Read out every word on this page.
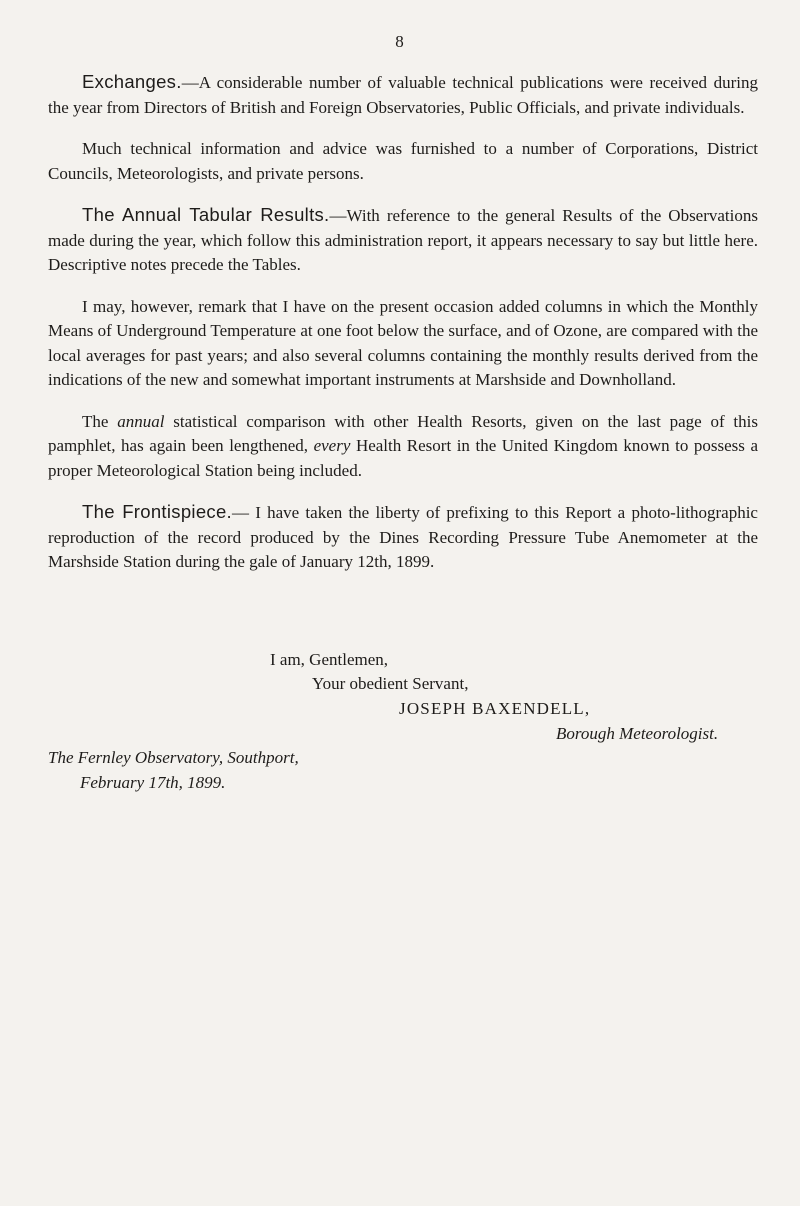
8

Exchanges.—A considerable number of valuable technical publications were received during the year from Directors of British and Foreign Observatories, Public Officials, and private individuals.

Much technical information and advice was furnished to a number of Corporations, District Councils, Meteorologists, and private persons.

The Annual Tabular Results.—With reference to the general Results of the Observations made during the year, which follow this administration report, it appears necessary to say but little here. Descriptive notes precede the Tables.

I may, however, remark that I have on the present occasion added columns in which the Monthly Means of Underground Temperature at one foot below the surface, and of Ozone, are compared with the local averages for past years; and also several columns containing the monthly results derived from the indications of the new and somewhat important instruments at Marshside and Downholland.

The annual statistical comparison with other Health Resorts, given on the last page of this pamphlet, has again been lengthened, every Health Resort in the United Kingdom known to possess a proper Meteorological Station being included.

The Frontispiece.— I have taken the liberty of prefixing to this Report a photo-lithographic reproduction of the record produced by the Dines Recording Pressure Tube Anemometer at the Marshside Station during the gale of January 12th, 1899.

I am, Gentlemen,
Your obedient Servant,
JOSEPH BAXENDELL,
Borough Meteorologist.
The Fernley Observatory, Southport,
February 17th, 1899.
